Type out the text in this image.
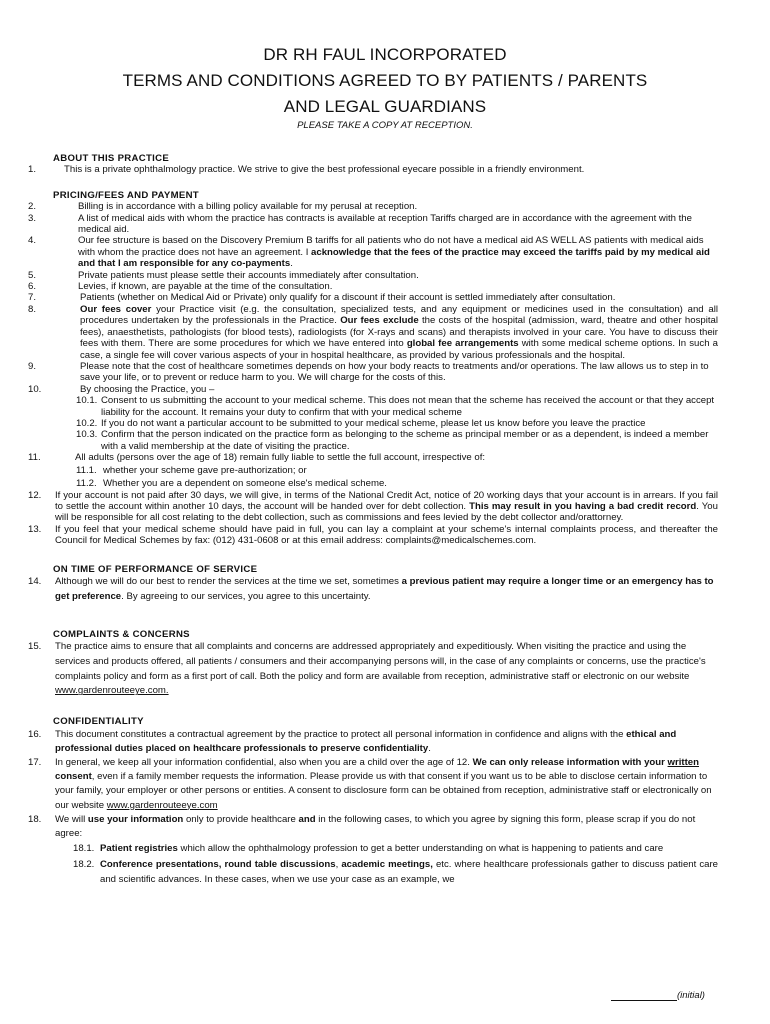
DR RH FAUL INCORPORATED

TERMS AND CONDITIONS AGREED TO BY PATIENTS / PARENTS

AND LEGAL GUARDIANS

PLEASE TAKE A COPY AT RECEPTION.

ABOUT THIS PRACTICE

1.	This is a private ophthalmology practice. We strive to give the best professional eyecare possible in a friendly environment.

PRICING/FEES AND PAYMENT

2.	Billing is in accordance with a billing policy available for my perusal at reception.
3.	A list of medical aids with whom the practice has contracts is available at reception Tariffs charged are in accordance with the agreement with the medical aid.
4.	Our fee structure is based on the Discovery Premium B tariffs for all patients who do not have a medical aid AS WELL AS patients with medical aids with whom the practice does not have an agreement. I acknowledge that the fees of the practice may exceed the tariffs paid by my medical aid and that I am responsible for any co-payments.
5.	Private patients must please settle their accounts immediately after consultation.
6.	Levies, if known, are payable at the time of the consultation.
7.	Patients (whether on Medical Aid or Private) only qualify for a discount if their account is settled immediately after consultation.
8.	Our fees cover your Practice visit (e.g. the consultation, specialized tests, and any equipment or medicines used in the consultation) and all procedures undertaken by the professionals in the Practice. Our fees exclude the costs of the hospital (admission, ward, theatre and other hospital fees), anaesthetists, pathologists (for blood tests), radiologists (for X-rays and scans) and therapists involved in your care. You have to discuss their fees with them. There are some procedures for which we have entered into global fee arrangements with some medical scheme options. In such a case, a single fee will cover various aspects of your in hospital healthcare, as provided by various professionals and the hospital.
9.	Please note that the cost of healthcare sometimes depends on how your body reacts to treatments and/or operations. The law allows us to step in to save your life, or to prevent or reduce harm to you. We will charge for the costs of this.
10.	By choosing the Practice, you –
10.1. Consent to us submitting the account to your medical scheme. This does not mean that the scheme has received the account or that they accept liability for the account. It remains your duty to confirm that with your medical scheme
10.2. If you do not want a particular account to be submitted to your medical scheme, please let us know before you leave the practice
10.3. Confirm that the person indicated on the practice form as belonging to the scheme as principal member or as a dependent, is indeed a member with a valid membership at the date of visiting the practice.
11.	All adults (persons over the age of 18) remain fully liable to settle the full account, irrespective of:
11.1. whether your scheme gave pre-authorization; or
11.2. Whether you are a dependent on someone else's medical scheme.
12. If your account is not paid after 30 days, we will give, in terms of the National Credit Act, notice of 20 working days that your account is in arrears. If you fail to settle the account within another 10 days, the account will be handed over for debt collection. This may result in you having a bad credit record. You will be responsible for all cost relating to the debt collection, such as commissions and fees levied by the debt collector and/orattorney.
13. If you feel that your medical scheme should have paid in full, you can lay a complaint at your scheme's internal complaints process, and thereafter the Council for Medical Schemes by fax: (012) 431-0608 or at this email address: complaints@medicalschemes.com.

ON TIME OF PERFORMANCE OF SERVICE

14. Although we will do our best to render the services at the time we set, sometimes a previous patient may require a longer time or an emergency has to get preference. By agreeing to our services, you agree to this uncertainty.

COMPLAINTS & CONCERNS

15. The practice aims to ensure that all complaints and concerns are addressed appropriately and expeditiously. When visiting the practice and using the services and products offered, all patients / consumers and their accompanying persons will, in the case of any complaints or concerns, use the practice's complaints policy and form as a first port of call. Both the policy and form are available from reception, administrative staff or electronic on our website www.gardenrouteeye.com.

CONFIDENTIALITY

16. This document constitutes a contractual agreement by the practice to protect all personal information in confidence and aligns with the ethical and professional duties placed on healthcare professionals to preserve confidentiality.
17. In general, we keep all your information confidential, also when you are a child over the age of 12. We can only release information with your written consent, even if a family member requests the information. Please provide us with that consent if you want us to be able to disclose certain information to your family, your employer or other persons or entities. A consent to disclosure form can be obtained from reception, administrative staff or electronically on our website www.gardenrouteeye.com
18. We will use your information only to provide healthcare and in the following cases, to which you agree by signing this form, please scrap if you do not agree:
18.1. Patient registries which allow the ophthalmology profession to get a better understanding on what is happening to patients and care
18.2. Conference presentations, round table discussions, academic meetings, etc. where healthcare professionals gather to discuss patient care and scientific advances. In these cases, when we use your case as an example, we
(initial)
